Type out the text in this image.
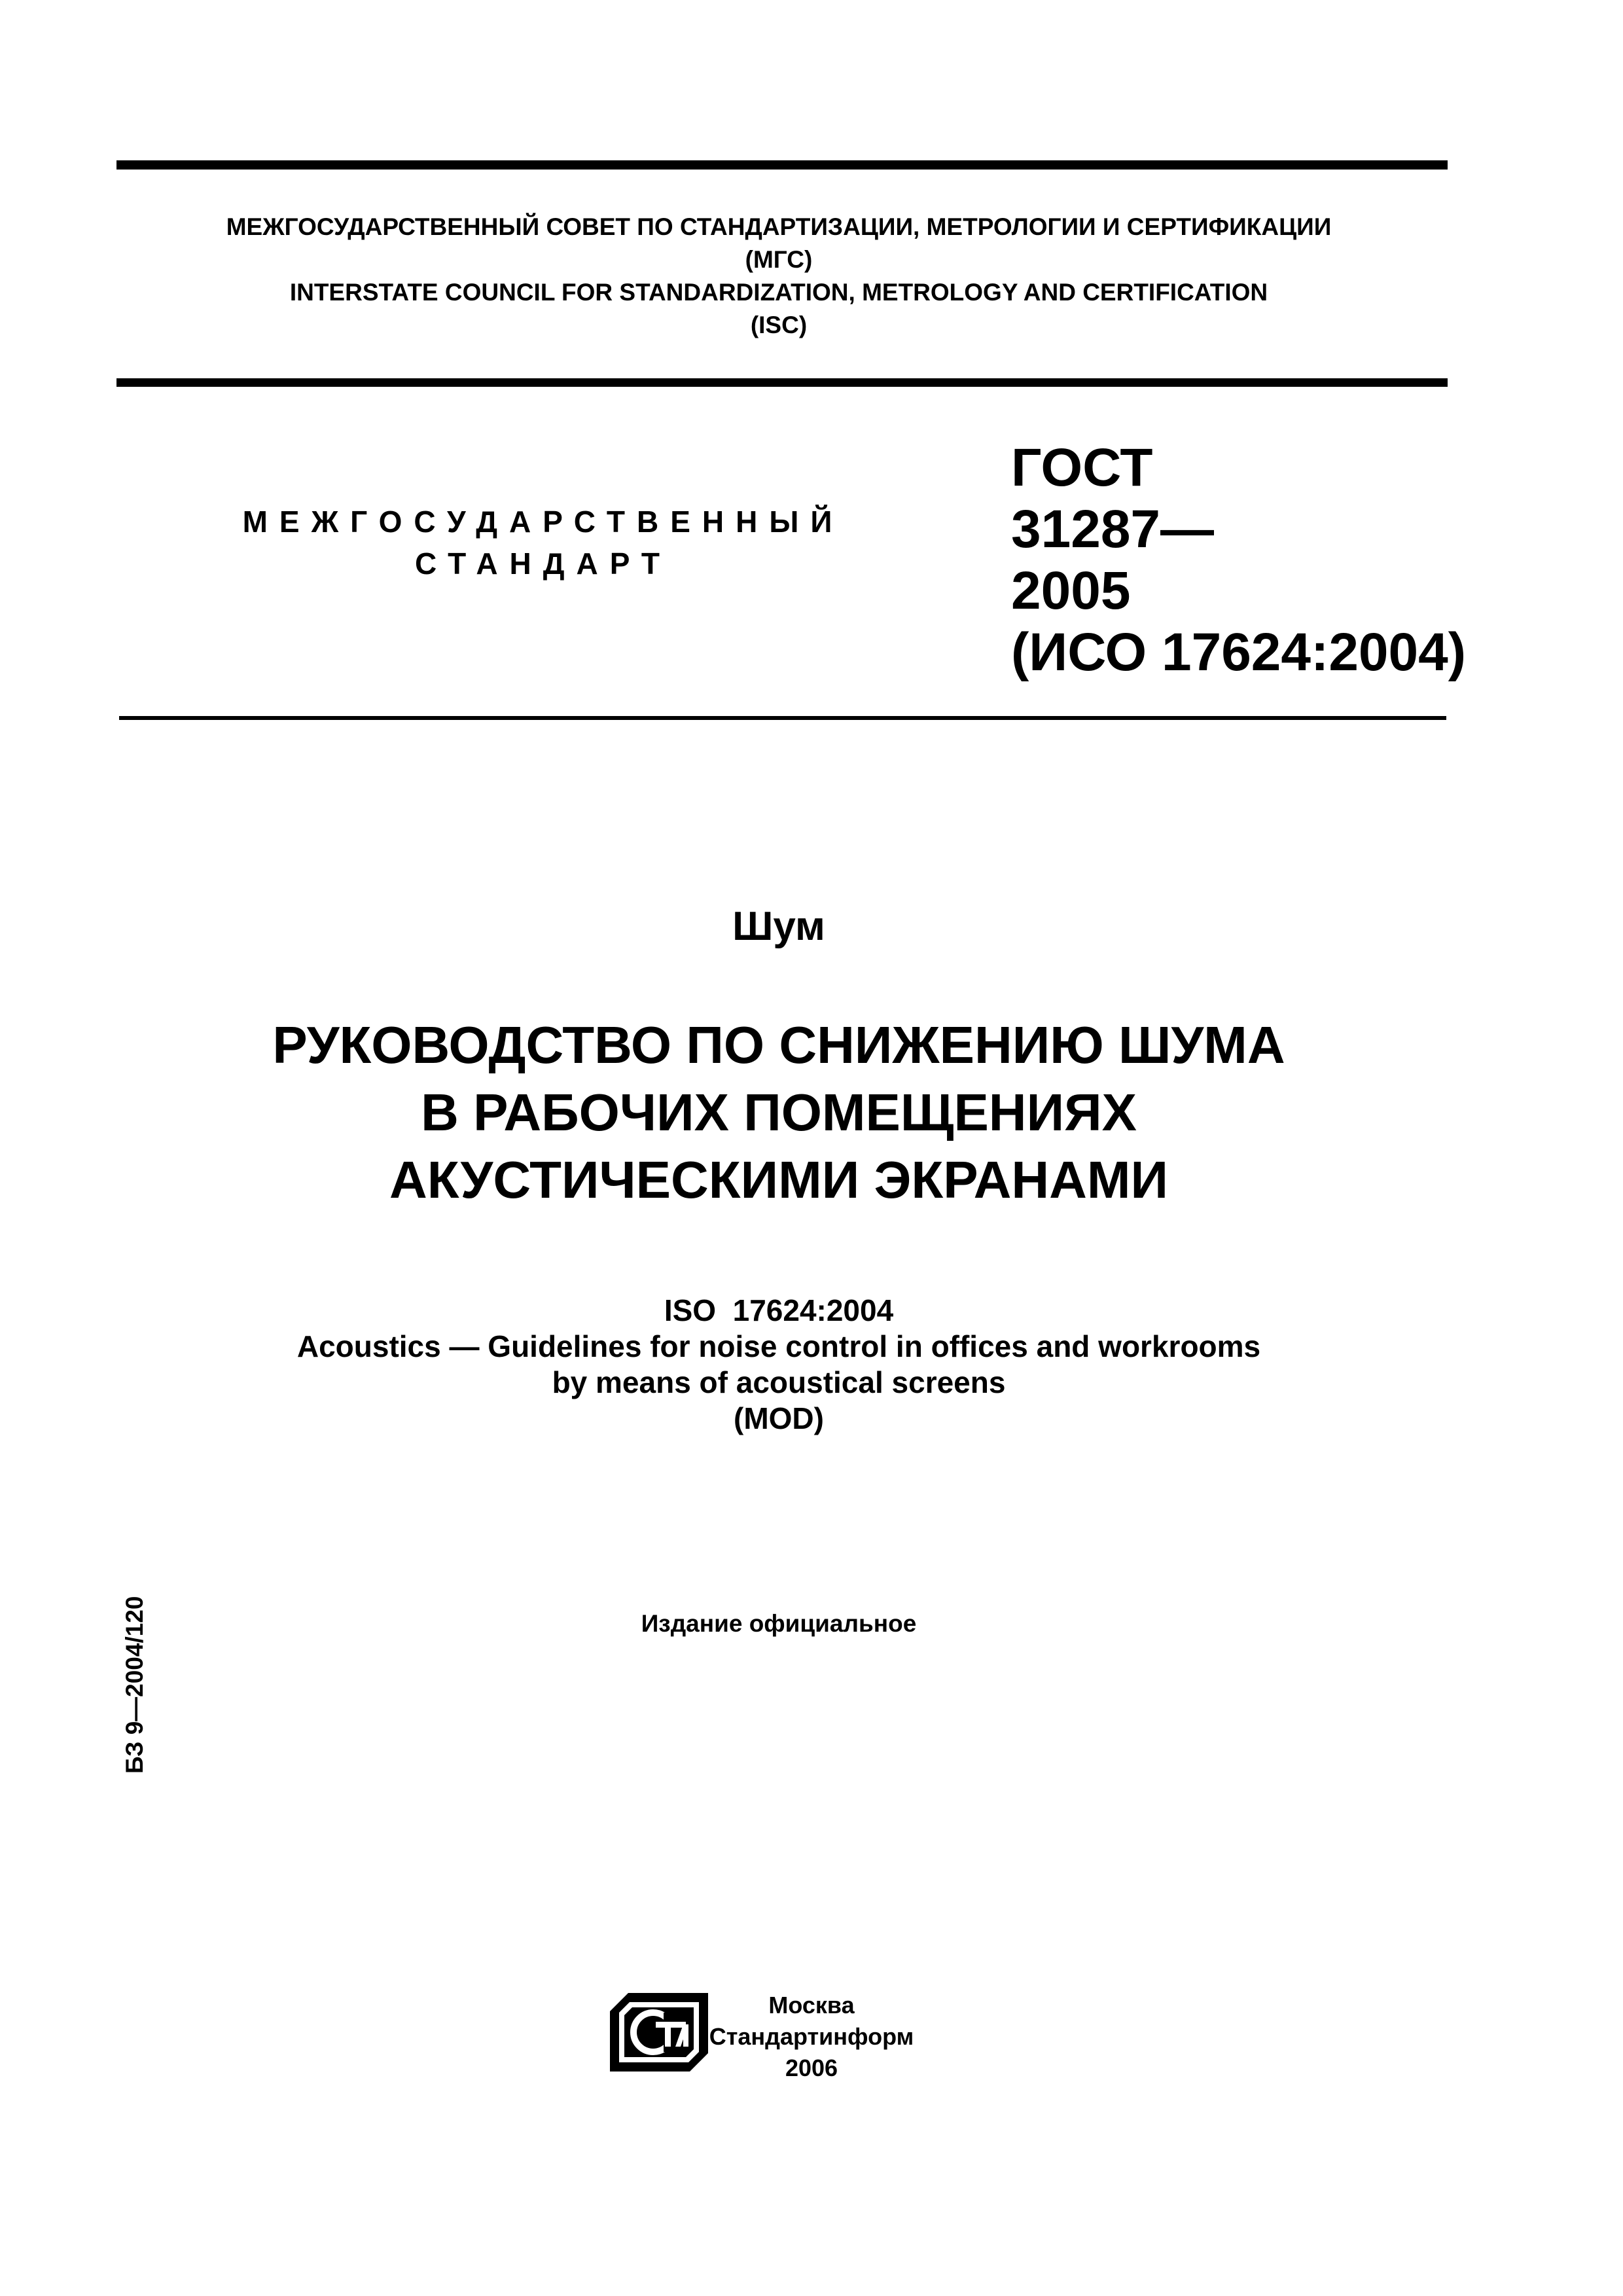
МЕЖГОСУДАРСТВЕННЫЙ СОВЕТ ПО СТАНДАРТИЗАЦИИ, МЕТРОЛОГИИ И СЕРТИФИКАЦИИ
(МГС)
INTERSTATE COUNCIL FOR STANDARDIZATION, METROLOGY AND CERTIFICATION
(ISC)
МЕЖГОСУДАРСТВЕННЫЙ
СТАНДАРТ
ГОСТ
31287—
2005
(ИСО 17624:2004)
Шум
РУКОВОДСТВО ПО СНИЖЕНИЮ ШУМА
В РАБОЧИХ ПОМЕЩЕНИЯХ
АКУСТИЧЕСКИМИ ЭКРАНАМИ
ISO  17624:2004
Acoustics — Guidelines for noise control in offices and workrooms
by means of acoustical screens
(MOD)
Издание официальное
БЗ 9—2004/120
Москва
Стандартинформ
2006
